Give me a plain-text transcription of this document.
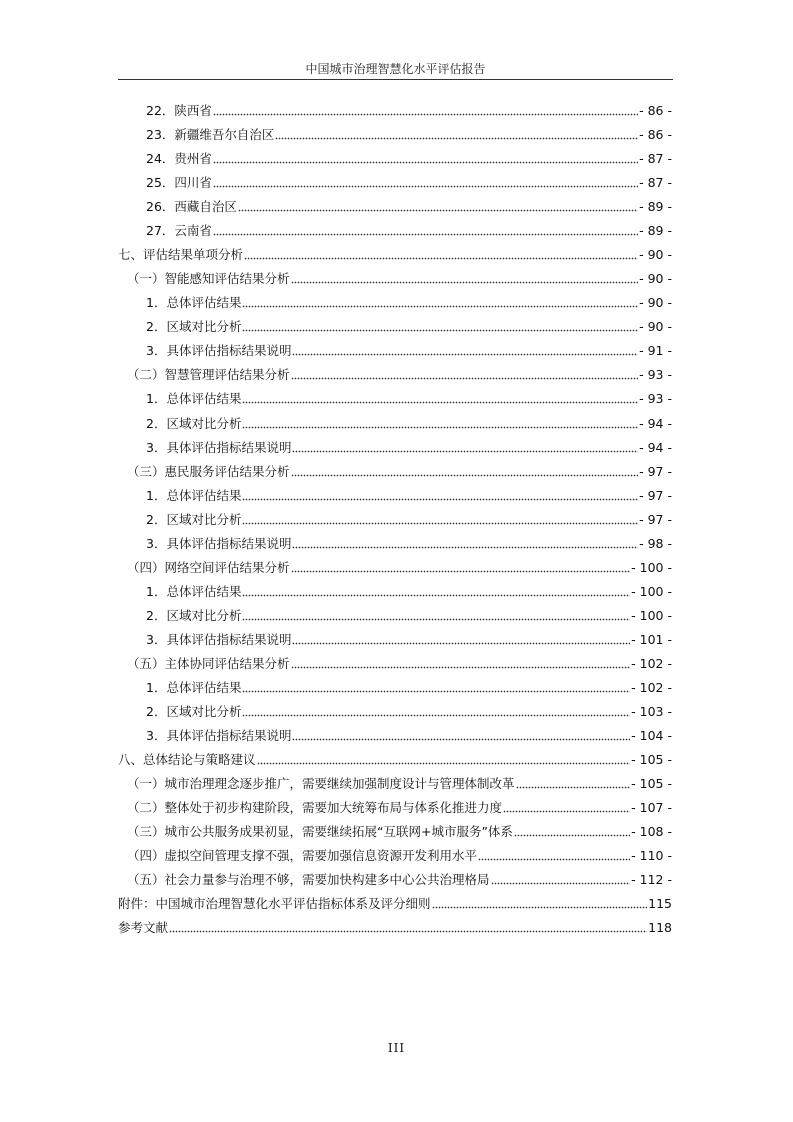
中国城市治理智慧化水平评估报告
22．陕西省	- 86 -
23．新疆维吾尔自治区	- 86 -
24．贵州省	- 87 -
25．四川省	- 87 -
26．西藏自治区	- 89 -
27．云南省	- 89 -
七、评估结果单项分析	- 90 -
（一）智能感知评估结果分析	- 90 -
1．总体评估结果	- 90 -
2．区域对比分析	- 90 -
3．具体评估指标结果说明	- 91 -
（二）智慧管理评估结果分析	- 93 -
1．总体评估结果	- 93 -
2．区域对比分析	- 94 -
3．具体评估指标结果说明	- 94 -
（三）惠民服务评估结果分析	- 97 -
1．总体评估结果	- 97 -
2．区域对比分析	- 97 -
3．具体评估指标结果说明	- 98 -
（四）网络空间评估结果分析	- 100 -
1．总体评估结果	- 100 -
2．区域对比分析	- 100 -
3．具体评估指标结果说明	- 101 -
（五）主体协同评估结果分析	- 102 -
1．总体评估结果	- 102 -
2．区域对比分析	- 103 -
3．具体评估指标结果说明	- 104 -
八、总体结论与策略建议	- 105 -
（一）城市治理理念逐步推广，需要继续加强制度设计与管理体制改革	- 105 -
（二）整体处于初步构建阶段，需要加大统筹布局与体系化推进力度	- 107 -
（三）城市公共服务成果初显，需要继续拓展“互联网+城市服务”体系	- 108 -
（四）虚拟空间管理支撑不强，需要加强信息资源开发利用水平	- 110 -
（五）社会力量参与治理不够，需要加快构建多中心公共治理格局	- 112 -
附件：中国城市治理智慧化水平评估指标体系及评分细则	115
参考文献	118
III
